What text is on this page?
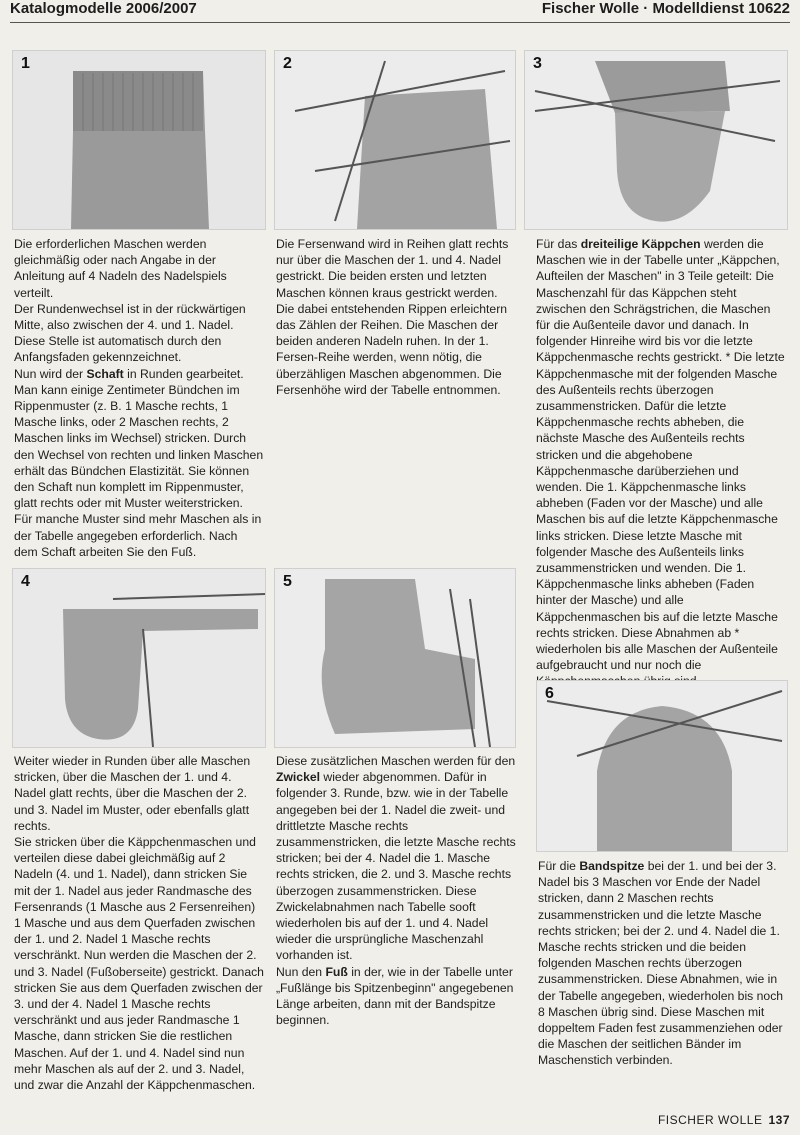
Katalogmodelle 2006/2007	Fischer Wolle · Modelldienst 10622
1	2	3

Die erforderlichen Maschen werden gleichmäßig oder nach Angabe in der Anleitung auf 4 Nadeln des Nadelspiels verteilt.

Der Rundenwechsel ist in der rückwärtigen Mitte, also zwischen der 4. und 1. Nadel. Diese Stelle ist automatisch durch den Anfangsfaden gekennzeichnet.

Nun wird der Schaft in Runden gearbeitet. Man kann einige Zentimeter Bündchen im Rippenmuster (z. B. 1 Masche rechts, 1 Masche links, oder 2 Maschen rechts, 2 Maschen links im Wechsel) stricken. Durch den Wechsel von rechten und linken Maschen erhält das Bündchen Elastizität. Sie können den Schaft nun komplett im Rippenmuster, glatt rechts oder mit Muster weiterstricken. Für manche Muster sind mehr Maschen als in der Tabelle angegeben erforderlich. Nach dem Schaft arbeiten Sie den Fuß.

Die Fersenwand wird in Reihen glatt rechts nur über die Maschen der 1. und 4. Nadel gestrickt. Die beiden ersten und letzten Maschen können kraus gestrickt werden. Die dabei entstehenden Rippen erleichtern das Zählen der Reihen. Die Maschen der beiden anderen Nadeln ruhen. In der 1. Fersen-Reihe werden, wenn nötig, die überzähligen Maschen abgenommen. Die Fersenhöhe wird der Tabelle entnommen.

Für das dreiteilige Käppchen werden die Maschen wie in der Tabelle unter „Käppchen, Aufteilen der Maschen" in 3 Teile geteilt: Die Maschenzahl für das Käppchen steht zwischen den Schrägstrichen, die Maschen für die Außenteile davor und danach. In folgender Hinreihe wird bis vor die letzte Käppchenmasche rechts gestrickt. * Die letzte Käppchenmasche mit der folgenden Masche des Außenteils rechts überzogen zusammenstricken. Dafür die letzte Käppchenmasche rechts abheben, die nächste Masche des Außenteils rechts stricken und die abgehobene Käppchenmasche darüberziehen und wenden. Die 1. Käppchenmasche links abheben (Faden vor der Masche) und alle Maschen bis auf die letzte Käppchenmasche links stricken. Diese letzte Masche mit folgender Masche des Außenteils links zusammenstricken und wenden. Die 1. Käppchenmasche links abheben (Faden hinter der Masche) und alle Käppchenmaschen bis auf die letzte Masche rechts stricken. Diese Abnahmen ab * wiederholen bis alle Maschen der Außenteile aufgebraucht und nur noch die

4	5

Weiter wieder in Runden über alle Maschen stricken, über die Maschen der 1. und 4. Nadel glatt rechts, über die Maschen der 2. und 3. Nadel im Muster, oder ebenfalls glatt rechts.

Sie stricken über die Käppchenmaschen und verteilen diese dabei gleichmäßig auf 2 Nadeln (4. und 1. Nadel), dann stricken Sie mit der 1. Nadel aus jeder Randmasche des Fersenrands (1 Masche aus 2 Fersenreihen) 1 Masche und aus dem Querfaden zwischen der 1. und 2. Nadel 1 Masche rechts verschränkt. Nun werden die Maschen der 2. und 3. Nadel (Fußoberseite) gestrickt. Danach stricken Sie aus dem Querfaden zwischen der 3. und der 4. Nadel 1 Masche rechts verschränkt und aus jeder Randmasche 1 Masche, dann stricken Sie die restlichen Maschen. Auf der 1. und 4. Nadel sind nun mehr Maschen als auf der 2. und 3. Nadel, und zwar die Anzahl der Käppchenmaschen.

Diese zusätzlichen Maschen werden für den Zwickel wieder abgenommen. Dafür in folgender 3. Runde, bzw. wie in der Tabelle angegeben bei der 1. Nadel die zweit- und drittletzte Masche rechts zusammenstricken, die letzte Masche rechts stricken; bei der 4. Nadel die 1. Masche rechts stricken, die 2. und 3. Masche rechts überzogen zusammenstricken. Diese Zwickelabnahmen nach Tabelle sooft wiederholen bis auf der 1. und 4. Nadel wieder die ursprüngliche Maschenzahl vorhanden ist.

Nun den Fuß in der, wie in der Tabelle unter „Fußlänge bis Spitzenbeginn" angegebenen Länge arbeiten, dann mit der Bandspitze beginnen.

6

Für die Bandspitze bei der 1. und bei der 3. Nadel bis 3 Maschen vor Ende der Nadel stricken, dann 2 Maschen rechts zusammenstricken und die letzte Masche rechts stricken; bei der 2. und 4. Nadel die 1. Masche rechts stricken und die beiden folgenden Maschen rechts überzogen zusammenstricken. Diese Abnahmen, wie in der Tabelle angegeben, wiederholen bis noch 8 Maschen übrig sind. Diese Maschen mit doppeltem Faden fest zusammenziehen oder die Maschen der seitlichen Bänder im Maschenstich verbinden.

FISCHER WOLLE 137
